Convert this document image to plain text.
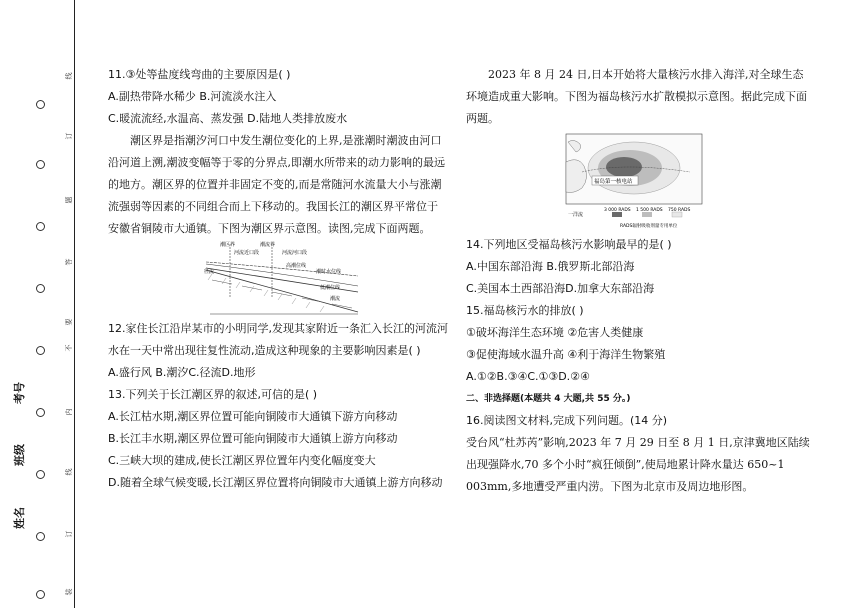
线
订
题
答
要
不
内
线
订
装
考号
班级
姓名

11.③处等盐度线弯曲的主要原因是( )

A.副热带降水稀少 B.河流淡水注入

C.暖流流经,水温高、蒸发强 D.陆地人类排放废水

潮区界是指潮汐河口中发生潮位变化的上界,是涨潮时潮波由河口沿河道上溯,潮波变幅等于零的分界点,即潮水所带来的动力影响的最远的地方。潮区界的位置并非固定不变的,而是常随河水流量大小与涨潮流强弱等因素的不同组合而上下移动的。我国长江的潮区界平常位于安徽省铜陵市大通镇。下图为潮区界示意图。读图,完成下面两题。

潮区界	潮流界
河流近口段	河流河口段
径流
高潮位线
潮时水位线
低潮位线
潮流

12.家住长江沿岸某市的小明同学,发现其家附近一条汇入长江的河流河水在一天中常出现往复性流动,造成这种现象的主要影响因素是( )

A.盛行风 B.潮汐C.径流D.地形

13.下列关于长江潮区界的叙述,可信的是( )

A.长江枯水期,潮区界位置可能向铜陵市大通镇下游方向移动

B.长江丰水期,潮区界位置可能向铜陵市大通镇上游方向移动

C.三峡大坝的建成,使长江潮区界位置年内变化幅度变大

D.随着全球气候变暖,长江潮区界位置将向铜陵市大通镇上游方向移动

2023 年 8 月 24 日,日本开始将大量核污水排入海洋,对全球生态环境造成重大影响。下图为福岛核污水扩散模拟示意图。据此完成下面两题。

福岛第一核电站
一洋流
3 000 RADS 1 500 RADS 750 RADS
RADS辐射吸收剂量专用单位

14.下列地区受福岛核污水影响最早的是( )

A.中国东部沿海 B.俄罗斯北部沿海

C.美国本土西部沿海D.加拿大东部沿海

15.福岛核污水的排放( )

①破坏海洋生态环境 ②危害人类健康

③促使海域水温升高 ④利于海洋生物繁殖

A.①②B.③④C.①③D.②④

二、非选择题(本题共 4 大题,共 55 分。)

16.阅读图文材料,完成下列问题。(14 分)

受台风“杜苏芮”影响,2023 年 7 月 29 日至 8 月 1 日,京津冀地区陆续出现强降水,70 多个小时“疯狂倾倒”,使局地累计降水量达 650~1 003mm,多地遭受严重内涝。下图为北京市及周边地形图。
